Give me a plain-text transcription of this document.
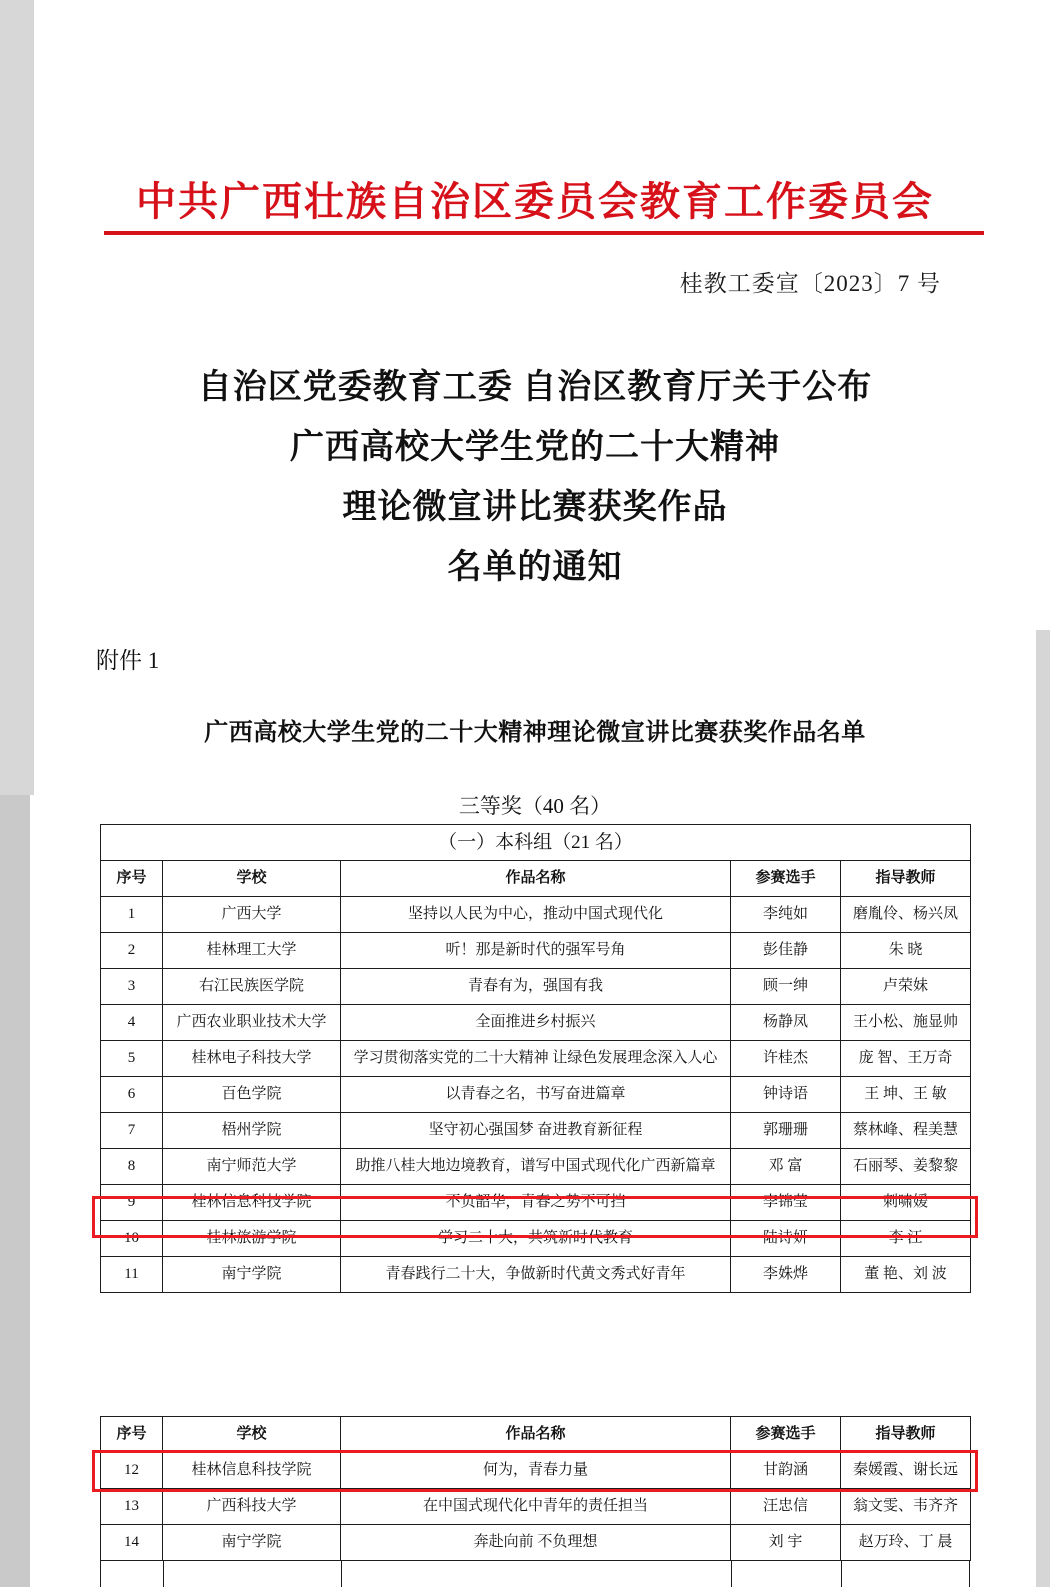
中共广西壮族自治区委员会教育工作委员会
桂教工委宣〔2023〕7 号
自治区党委教育工委 自治区教育厅关于公布
广西高校大学生党的二十大精神
理论微宣讲比赛获奖作品
名单的通知
附件 1
广西高校大学生党的二十大精神理论微宣讲比赛获奖作品名单
三等奖（40 名）
（一）本科组（21 名）				
序号	学校	作品名称	参赛选手	指导教师
1	广西大学	坚持以人民为中心，推动中国式现代化	李纯如	磨胤伶、杨兴凤
2	桂林理工大学	听！那是新时代的强军号角	彭佳静	朱 晓
3	右江民族医学院	青春有为，强国有我	顾一绅	卢荣妹
4	广西农业职业技术大学	全面推进乡村振兴	杨静凤	王小松、施显帅
5	桂林电子科技大学	学习贯彻落实党的二十大精神 让绿色发展理念深入人心	许桂杰	庞 智、王万奇
6	百色学院	以青春之名，书写奋进篇章	钟诗语	王 坤、王 敏
7	梧州学院	坚守初心强国梦 奋进教育新征程	郭珊珊	蔡林峰、程美慧
8	南宁师范大学	助推八桂大地边境教育，谱写中国式现代化广西新篇章	邓 富	石丽琴、姜黎黎
9	桂林信息科技学院	不负韶华，青春之势不可挡	李锦莹	刺啸媛
10	桂林旅游学院	学习二十大，共筑新时代教育	陆诗妍	李 江
11	南宁学院	青春践行二十大，争做新时代黄文秀式好青年	李姝烨	董 艳、刘 波
序号	学校	作品名称	参赛选手	指导教师
12	桂林信息科技学院	何为，青春力量	甘韵涵	秦媛霞、谢长远
13	广西科技大学	在中国式现代化中青年的责任担当	汪忠信	翁文雯、韦齐齐
14	南宁学院	奔赴向前 不负理想	刘 宇	赵万玲、丁 晨
